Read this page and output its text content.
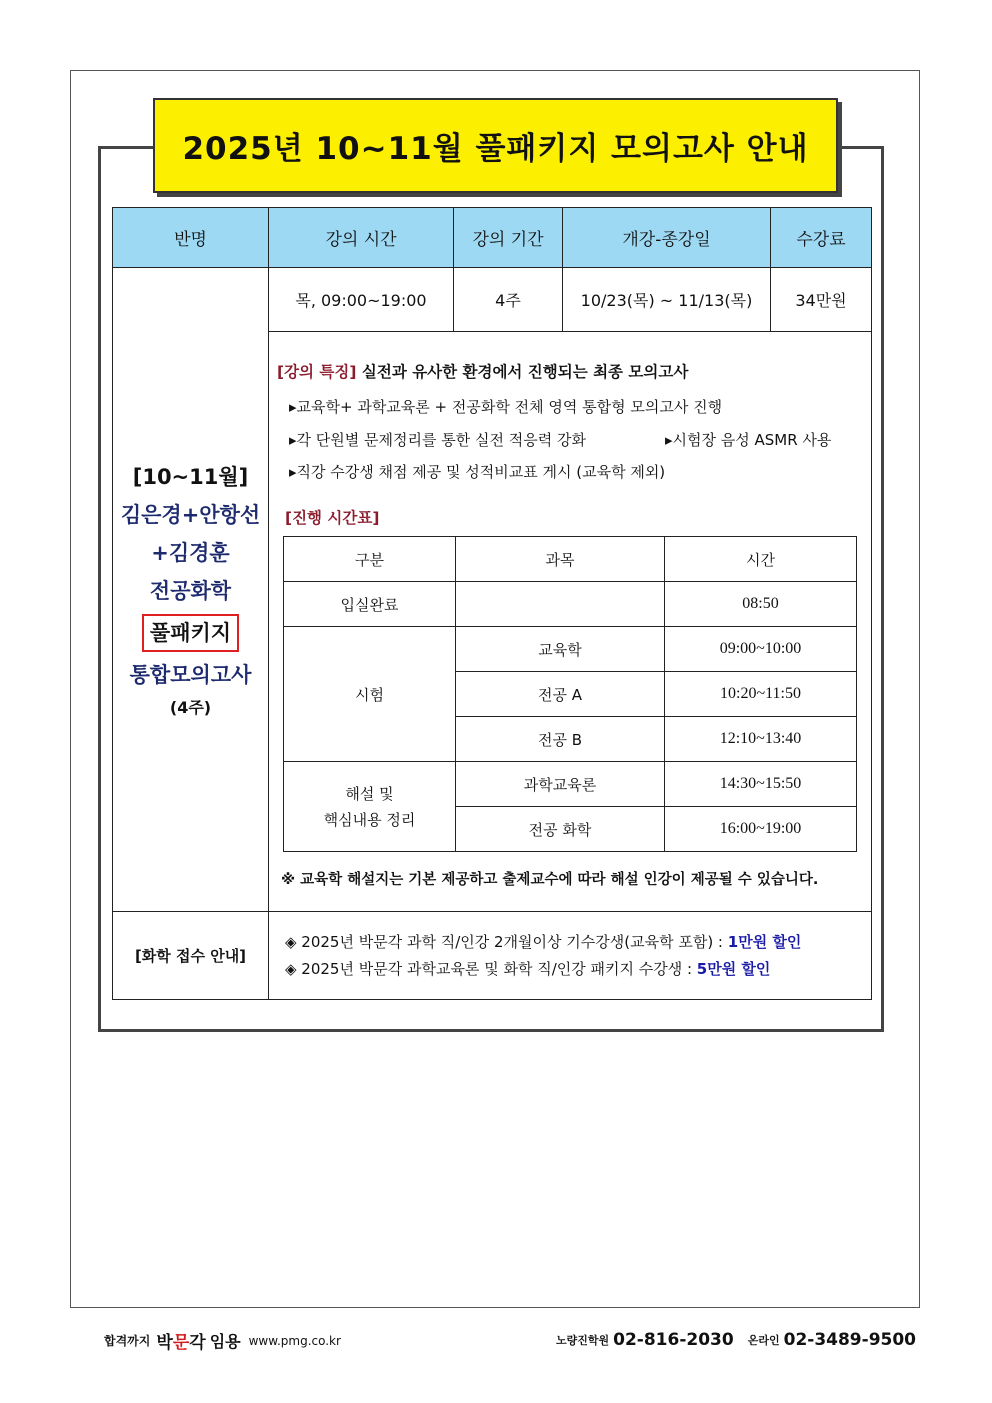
2025년 10~11월 풀패키지 모의고사 안내
반명	강의 시간	강의 기간	개강-종강일	수강료

[10~11월]
김은경+안항선
+김경훈
전공화학
풀패키지
통합모의고사
(4주)
	목, 09:00~19:00	4주	10/23(목) ~ 11/13(목)	34만원

[강의 특징] 실전과 유사한 환경에서 진행되는 최종 모의고사
▸교육학+ 과학교육론 + 전공화학 전체 영역 통합형 모의고사 진행
▸각 단원별 문제정리를 통한 실전 적응력 강화	▸시험장 음성 ASMR 사용
▸직강 수강생 채점 제공 및 성적비교표 게시 (교육학 제외)
[진행 시간표]
구분	과목	시간
입실완료		08:50
시험	교육학	09:00~10:00
전공 A	10:20~11:50
전공 B	12:10~13:40

해설 및
핵심내용 정리
	과학교육론	14:30~15:50
전공 화학	16:00~19:00
※ 교육학 해설지는 기본 제공하고 출제교수에 따라 해설 인강이 제공될 수 있습니다.

[화학 접수 안내]	
◈ 2025년 박문각 과학 직/인강 2개월이상 기수강생(교육학 포함) : 1만원 할인
◈ 2025년 박문각 과학교육론 및 화학 직/인강 패키지 수강생 : 5만원 할인
합격까지 박문각 임용 www.pmg.co.kr	노량진학원 02-816-2030 온라인 02-3489-9500
